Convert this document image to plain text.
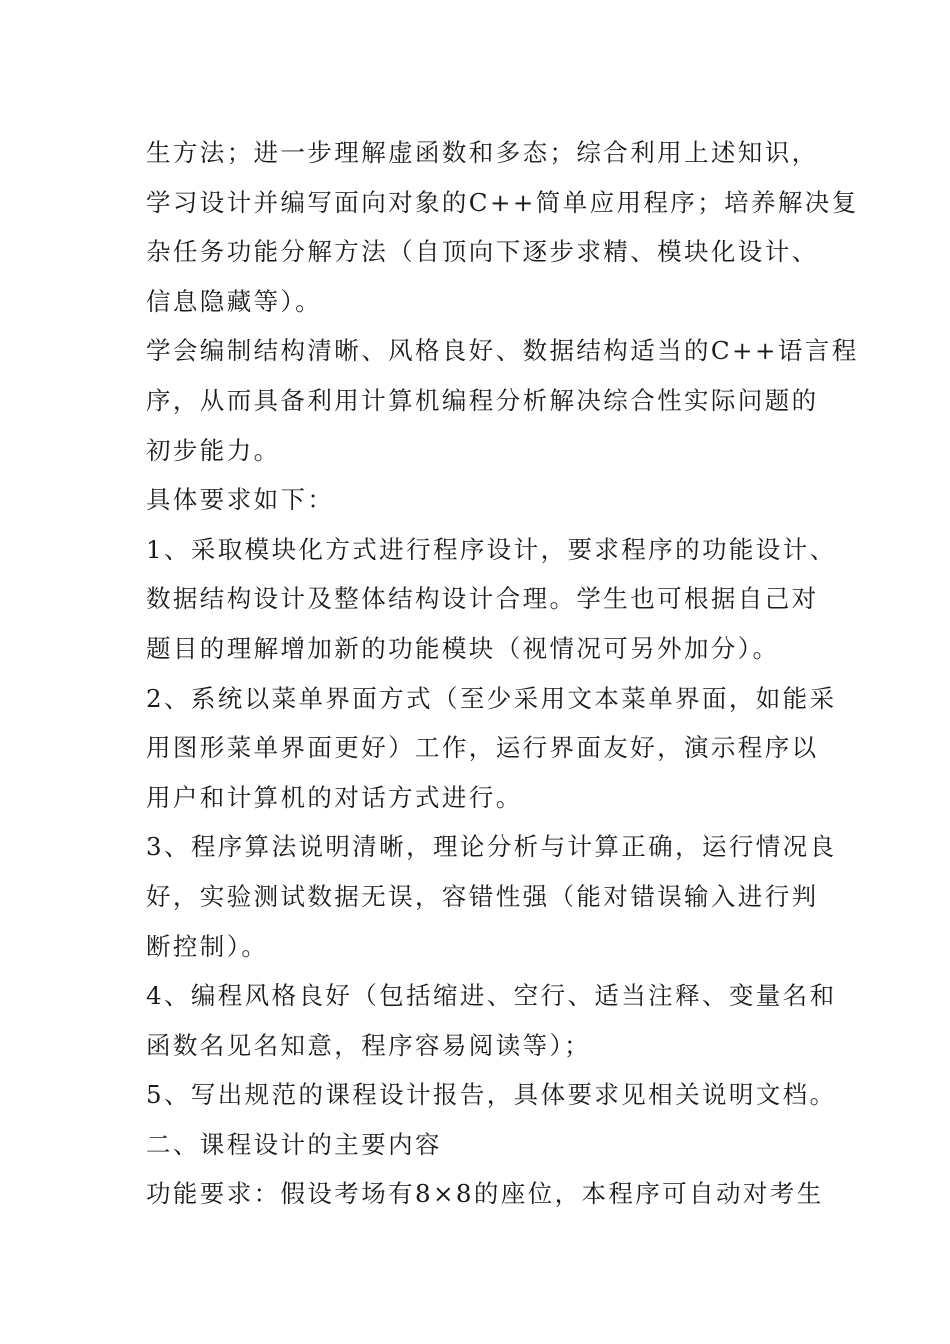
生方法；进一步理解虚函数和多态；综合利用上述知识，
学习设计并编写面向对象的C++简单应用程序；培养解决复
杂任务功能分解方法（自顶向下逐步求精、模块化设计、
信息隐藏等）。
学会编制结构清晰、风格良好、数据结构适当的C++语言程
序，从而具备利用计算机编程分析解决综合性实际问题的
初步能力。
具体要求如下：
1、采取模块化方式进行程序设计，要求程序的功能设计、
数据结构设计及整体结构设计合理。学生也可根据自己对
题目的理解增加新的功能模块（视情况可另外加分）。
2、系统以菜单界面方式（至少采用文本菜单界面，如能采
用图形菜单界面更好）工作，运行界面友好，演示程序以
用户和计算机的对话方式进行。
3、程序算法说明清晰，理论分析与计算正确，运行情况良
好，实验测试数据无误，容错性强（能对错误输入进行判
断控制）。
4、编程风格良好（包括缩进、空行、适当注释、变量名和
函数名见名知意，程序容易阅读等）；
5、写出规范的课程设计报告，具体要求见相关说明文档。
二、课程设计的主要内容
功能要求：假设考场有8×8的座位，本程序可自动对考生
